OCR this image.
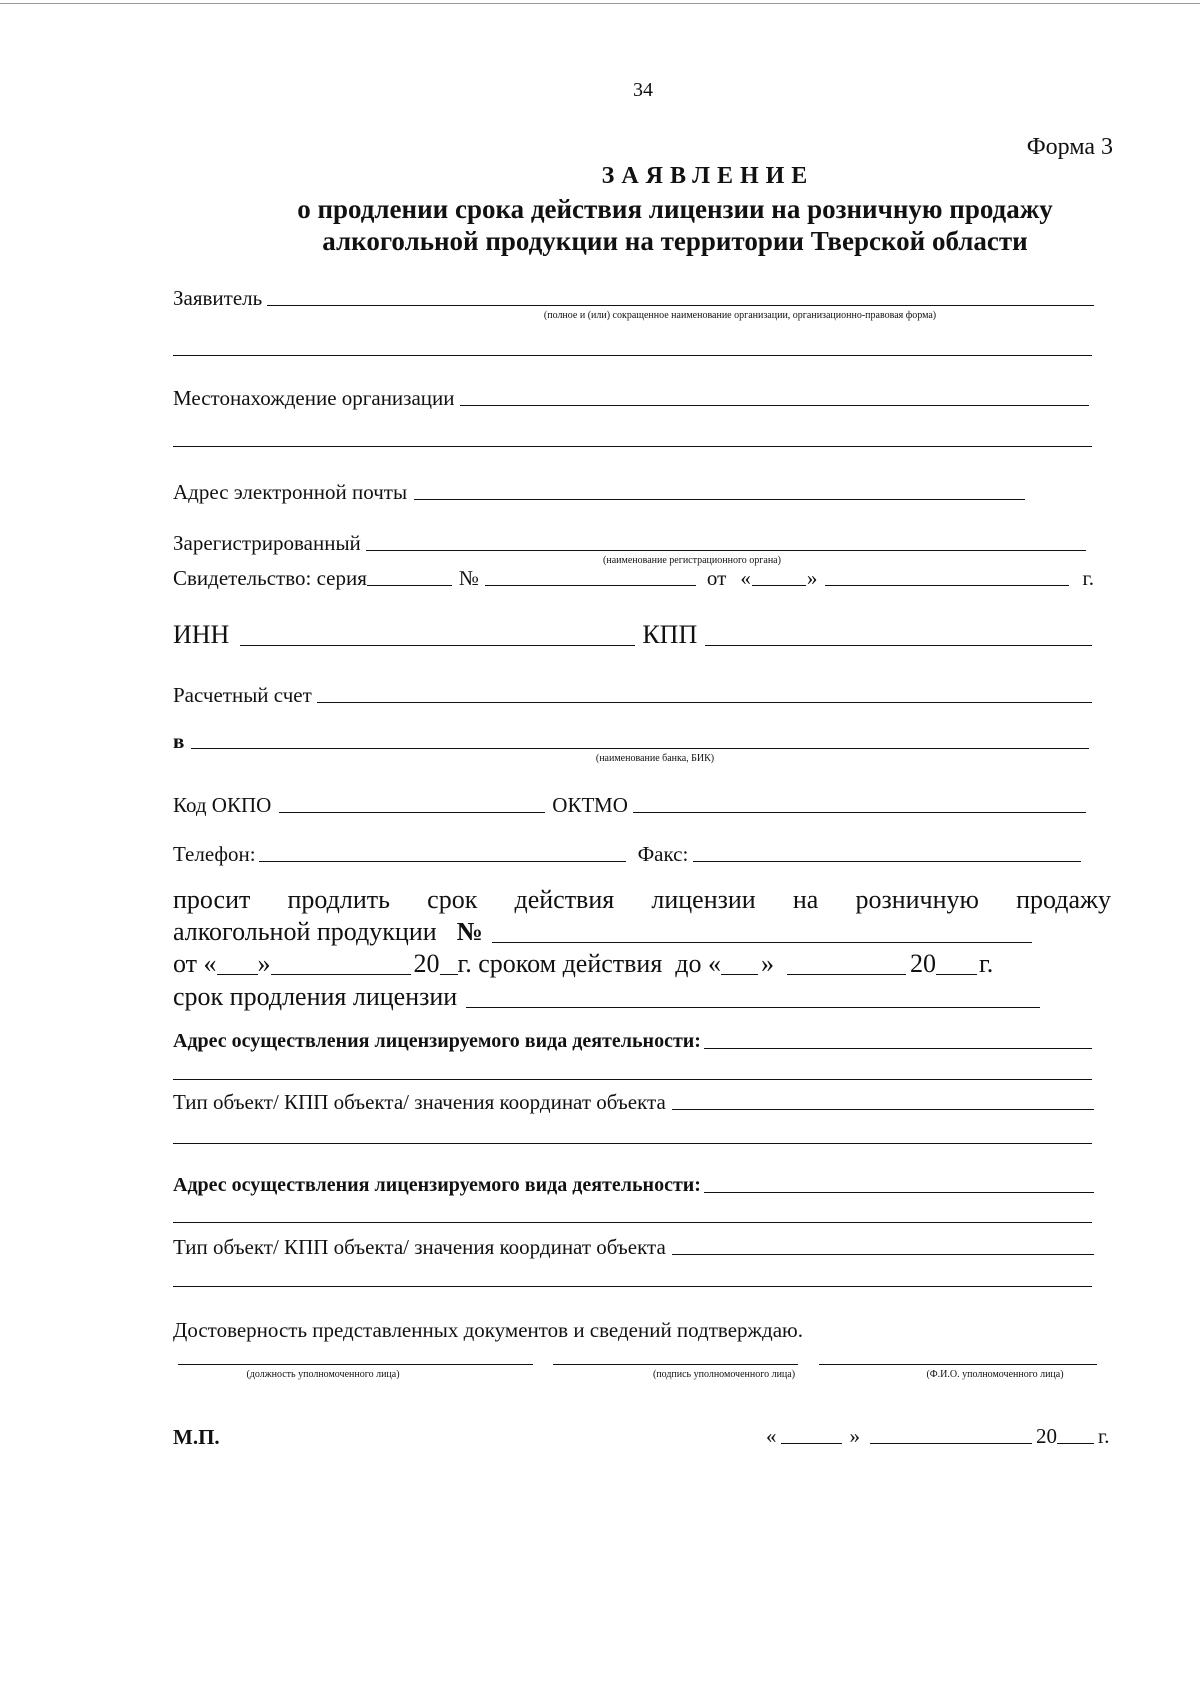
34
Форма 3
ЗАЯВЛЕНИЕ
о продлении срока действия лицензии на розничную продажу
алкогольной продукции на территории Тверской области
Заявитель
(полное и (или) сокращенное наименование организации, организационно-правовая форма)
Местонахождение организации
Адрес электронной почты
Зарегистрированный
(наименование регистрационного органа)
Свидетельство: серия	№	от «	»	г.
ИНН	КПП
Расчетный счет
в
(наименование банка, БИК)
Код ОКПО	ОКТМО
Телефон:	Факс:
просит продлить срок действия лицензии на розничную продажу
алкогольной продукции №
от « »	20 г. сроком действия  до « »	20 г.
срок продления лицензии
Адрес осуществления лицензируемого вида деятельности:
Тип объект/ КПП объекта/ значения координат объекта
Адрес осуществления лицензируемого вида деятельности:
Тип объект/ КПП объекта/ значения координат объекта
Достоверность представленных документов и сведений подтверждаю.
(должность уполномоченного лица)	(подпись уполномоченного лица)	(Ф.И.О. уполномоченного лица)
М.П.	«	»	20 г.
